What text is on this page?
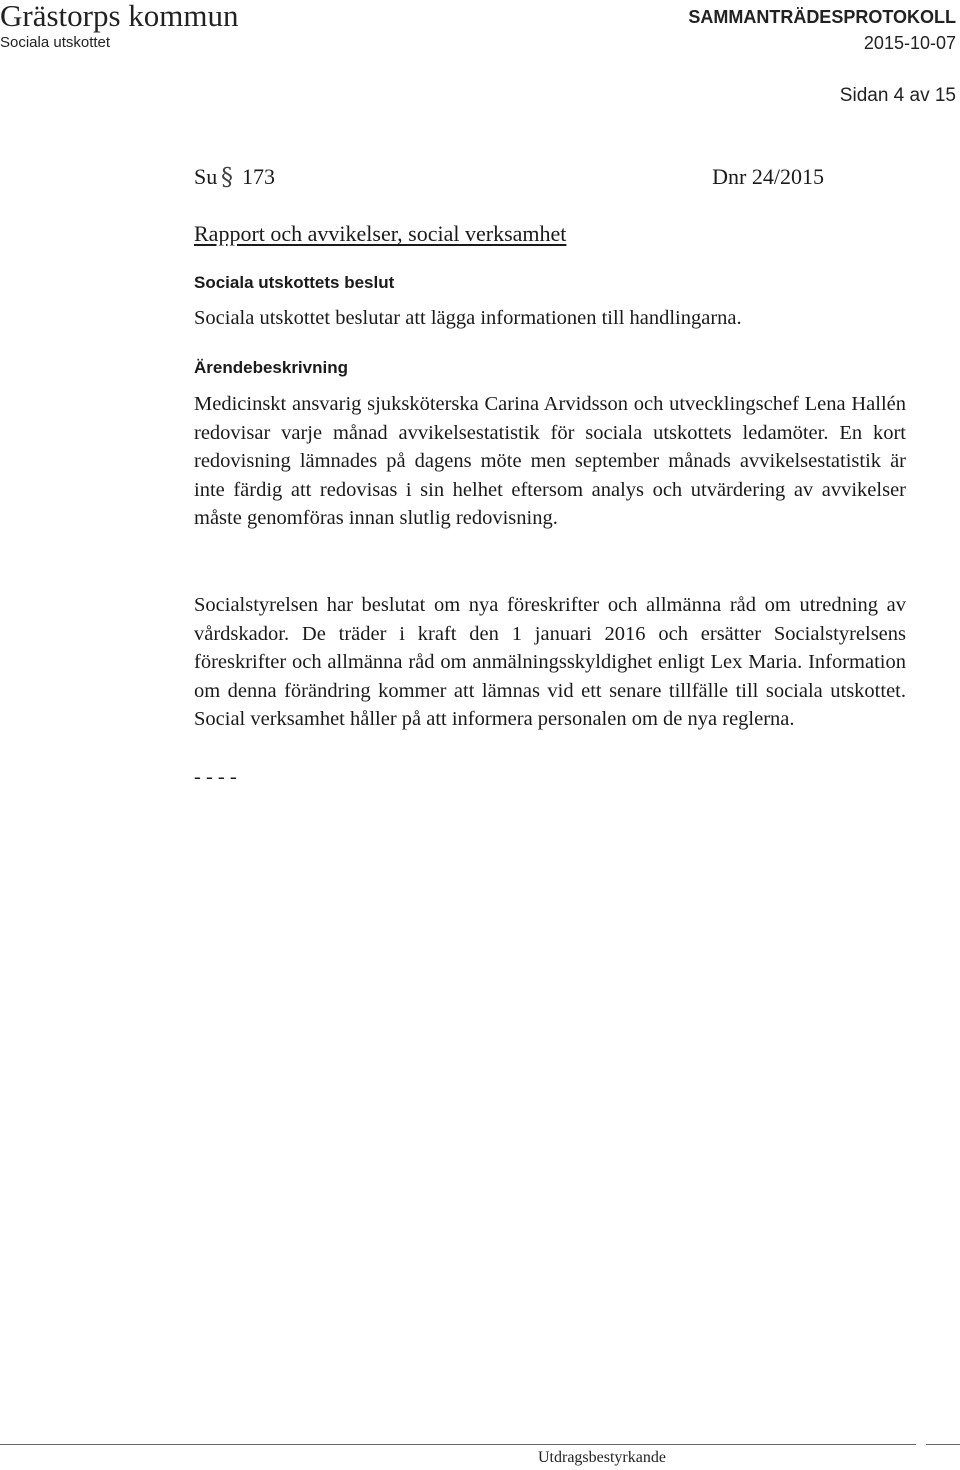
Grästorps kommun
Sociala utskottet
SAMMANTRÄDESPROTOKOLL
2015-10-07
Sidan 4 av 15
Su § 173	Dnr 24/2015
Rapport och avvikelser, social verksamhet
Sociala utskottets beslut
Sociala utskottet beslutar att lägga informationen till handlingarna.
Ärendebeskrivning
Medicinskt ansvarig sjuksköterska Carina Arvidsson och utvecklingschef Lena Hallén redovisar varje månad avvikelsestatistik för sociala utskottets ledamöter. En kort redovisning lämnades på dagens möte men september månads avvikelsestatistik är inte färdig att redovisas i sin helhet eftersom analys och utvärdering av avvikelser måste genomföras innan slutlig redovisning.
Socialstyrelsen har beslutat om nya föreskrifter och allmänna råd om utredning av vårdskador. De träder i kraft den 1 januari 2016 och ersätter Socialstyrelsens föreskrifter och allmänna råd om anmälningsskyldighet enligt Lex Maria. Information om denna förändring kommer att lämnas vid ett senare tillfälle till sociala utskottet. Social verksamhet håller på att informera personalen om de nya reglerna.
- - - -
Utdragsbestyrkande
